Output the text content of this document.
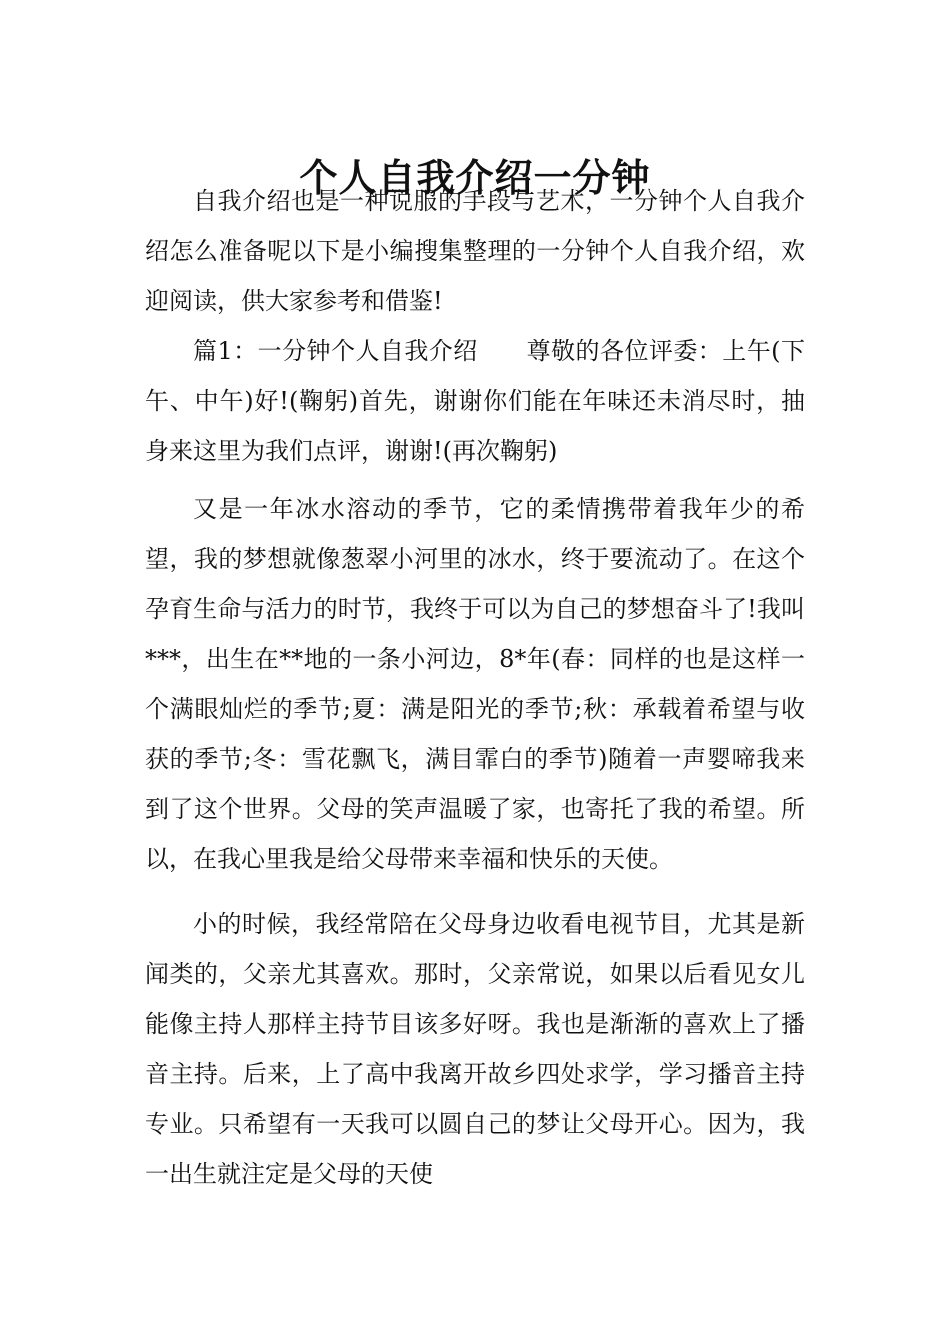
个人自我介绍一分钟

自我介绍也是一种说服的手段与艺术，一分钟个人自我介绍怎么准备呢以下是小编搜集整理的一分钟个人自我介绍，欢迎阅读，供大家参考和借鉴!

篇1：一分钟个人自我介绍　　尊敬的各位评委：上午(下午、中午)好!(鞠躬)首先，谢谢你们能在年味还未消尽时，抽身来这里为我们点评，谢谢!(再次鞠躬)

又是一年冰水溶动的季节，它的柔情携带着我年少的希望，我的梦想就像葱翠小河里的冰水，终于要流动了。在这个孕育生命与活力的时节，我终于可以为自己的梦想奋斗了!我叫***，出生在**地的一条小河边，8*年(春：同样的也是这样一个满眼灿烂的季节;夏：满是阳光的季节;秋：承载着希望与收获的季节;冬：雪花飘飞，满目霏白的季节)随着一声婴啼我来到了这个世界。父母的笑声温暖了家，也寄托了我的希望。所以，在我心里我是给父母带来幸福和快乐的天使。

小的时候，我经常陪在父母身边收看电视节目，尤其是新闻类的，父亲尤其喜欢。那时，父亲常说，如果以后看见女儿能像主持人那样主持节目该多好呀。我也是渐渐的喜欢上了播音主持。后来，上了高中我离开故乡四处求学，学习播音主持专业。只希望有一天我可以圆自己的梦让父母开心。因为，我一出生就注定是父母的天使
